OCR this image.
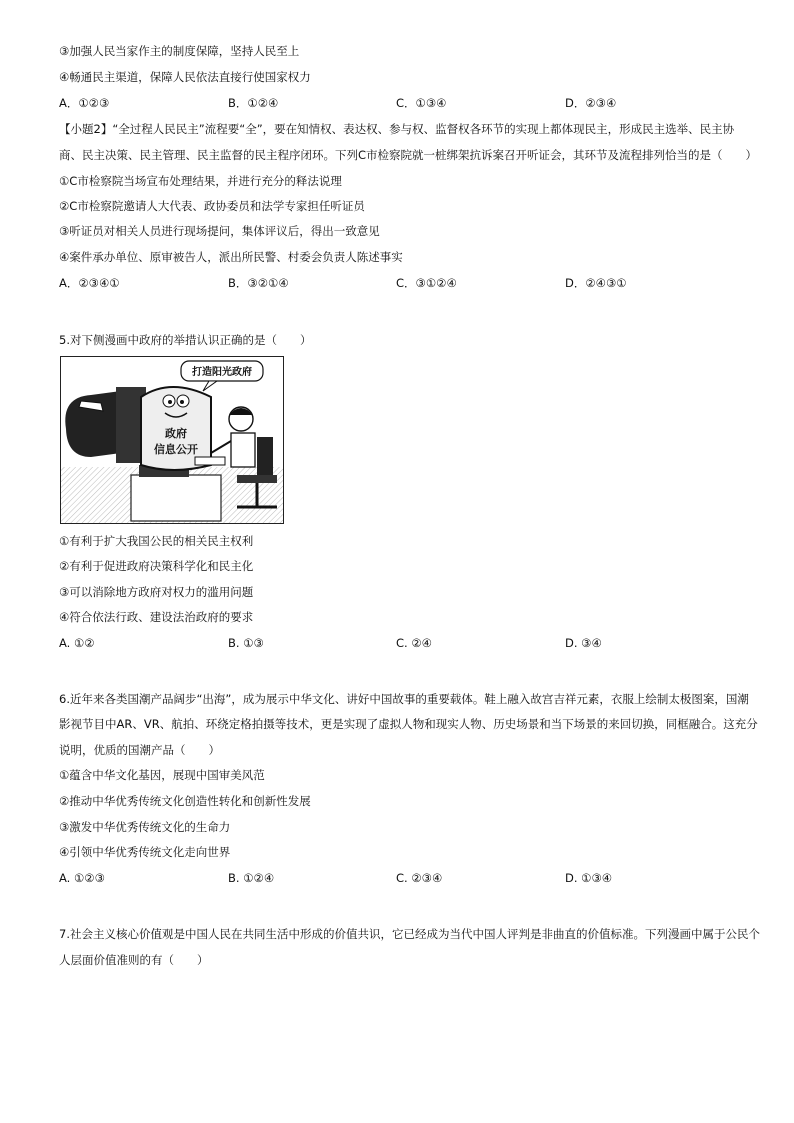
③加强人民当家作主的制度保障，坚持人民至上
④畅通民主渠道，保障人民依法直接行使国家权力
A．①②③	B．①②④	C．①③④	D．②③④
【小题2】“全过程人民民主”流程要“全”，要在知情权、表达权、参与权、监督权各环节的实现上都体现民主，形成民主选举、民主协
商、民主决策、民主管理、民主监督的民主程序闭环。下列C市检察院就一桩绑架抗诉案召开听证会，其环节及流程排列恰当的是（　　）
①C市检察院当场宣布处理结果，并进行充分的释法说理
②C市检察院邀请人大代表、政协委员和法学专家担任听证员
③听证员对相关人员进行现场提问，集体评议后，得出一致意见
④案件承办单位、原审被告人，派出所民警、村委会负责人陈述事实
A．②③④①	B．③②①④	C．③①②④	D．②④③①
5.对下侧漫画中政府的举措认识正确的是（　　）
政府
信息公开
打造阳光政府
①有利于扩大我国公民的相关民主权利
②有利于促进政府决策科学化和民主化
③可以消除地方政府对权力的滥用问题
④符合依法行政、建设法治政府的要求
A. ①②	B. ①③	C. ②④	D. ③④
6.近年来各类国潮产品阔步“出海”，成为展示中华文化、讲好中国故事的重要载体。鞋上融入故宫吉祥元素，衣服上绘制太极图案，国潮
影视节目中AR、VR、航拍、环绕定格拍摄等技术，更是实现了虚拟人物和现实人物、历史场景和当下场景的来回切换，同框融合。这充分
说明，优质的国潮产品（　　）
①蕴含中华文化基因，展现中国审美风范
②推动中华优秀传统文化创造性转化和创新性发展
③激发中华优秀传统文化的生命力
④引领中华优秀传统文化走向世界
A. ①②③	B. ①②④	C. ②③④	D. ①③④
7.社会主义核心价值观是中国人民在共同生活中形成的价值共识，它已经成为当代中国人评判是非曲直的价值标准。下列漫画中属于公民个
人层面价值准则的有（　　）
